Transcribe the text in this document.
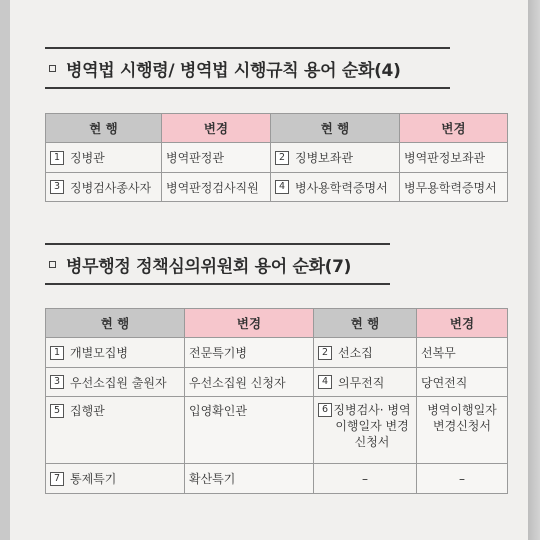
병역법 시행령/ 병역법 시행규칙 용어 순화(4)
현 행	변경	현 행	변경
1 징병관	병역판정관	2 징병보좌관	병역판정보좌관
3 징병검사종사자	병역판정검사직원	4 병사용학력증명서	병무용학력증명서
병무행정 정책심의위원회 용어 순화(7)
현 행	변경	현 행	변경
1 개별모집병	전문특기병	2 선소집	선복무
3 우선소집원 출원자	우선소집원 신청자	4 의무전직	당연전직
5 집행관	입영확인관	6 징병검사· 병역이행일자 변경신청서	병역이행일자 변경신청서
7 통제특기	확산특기	–	–
